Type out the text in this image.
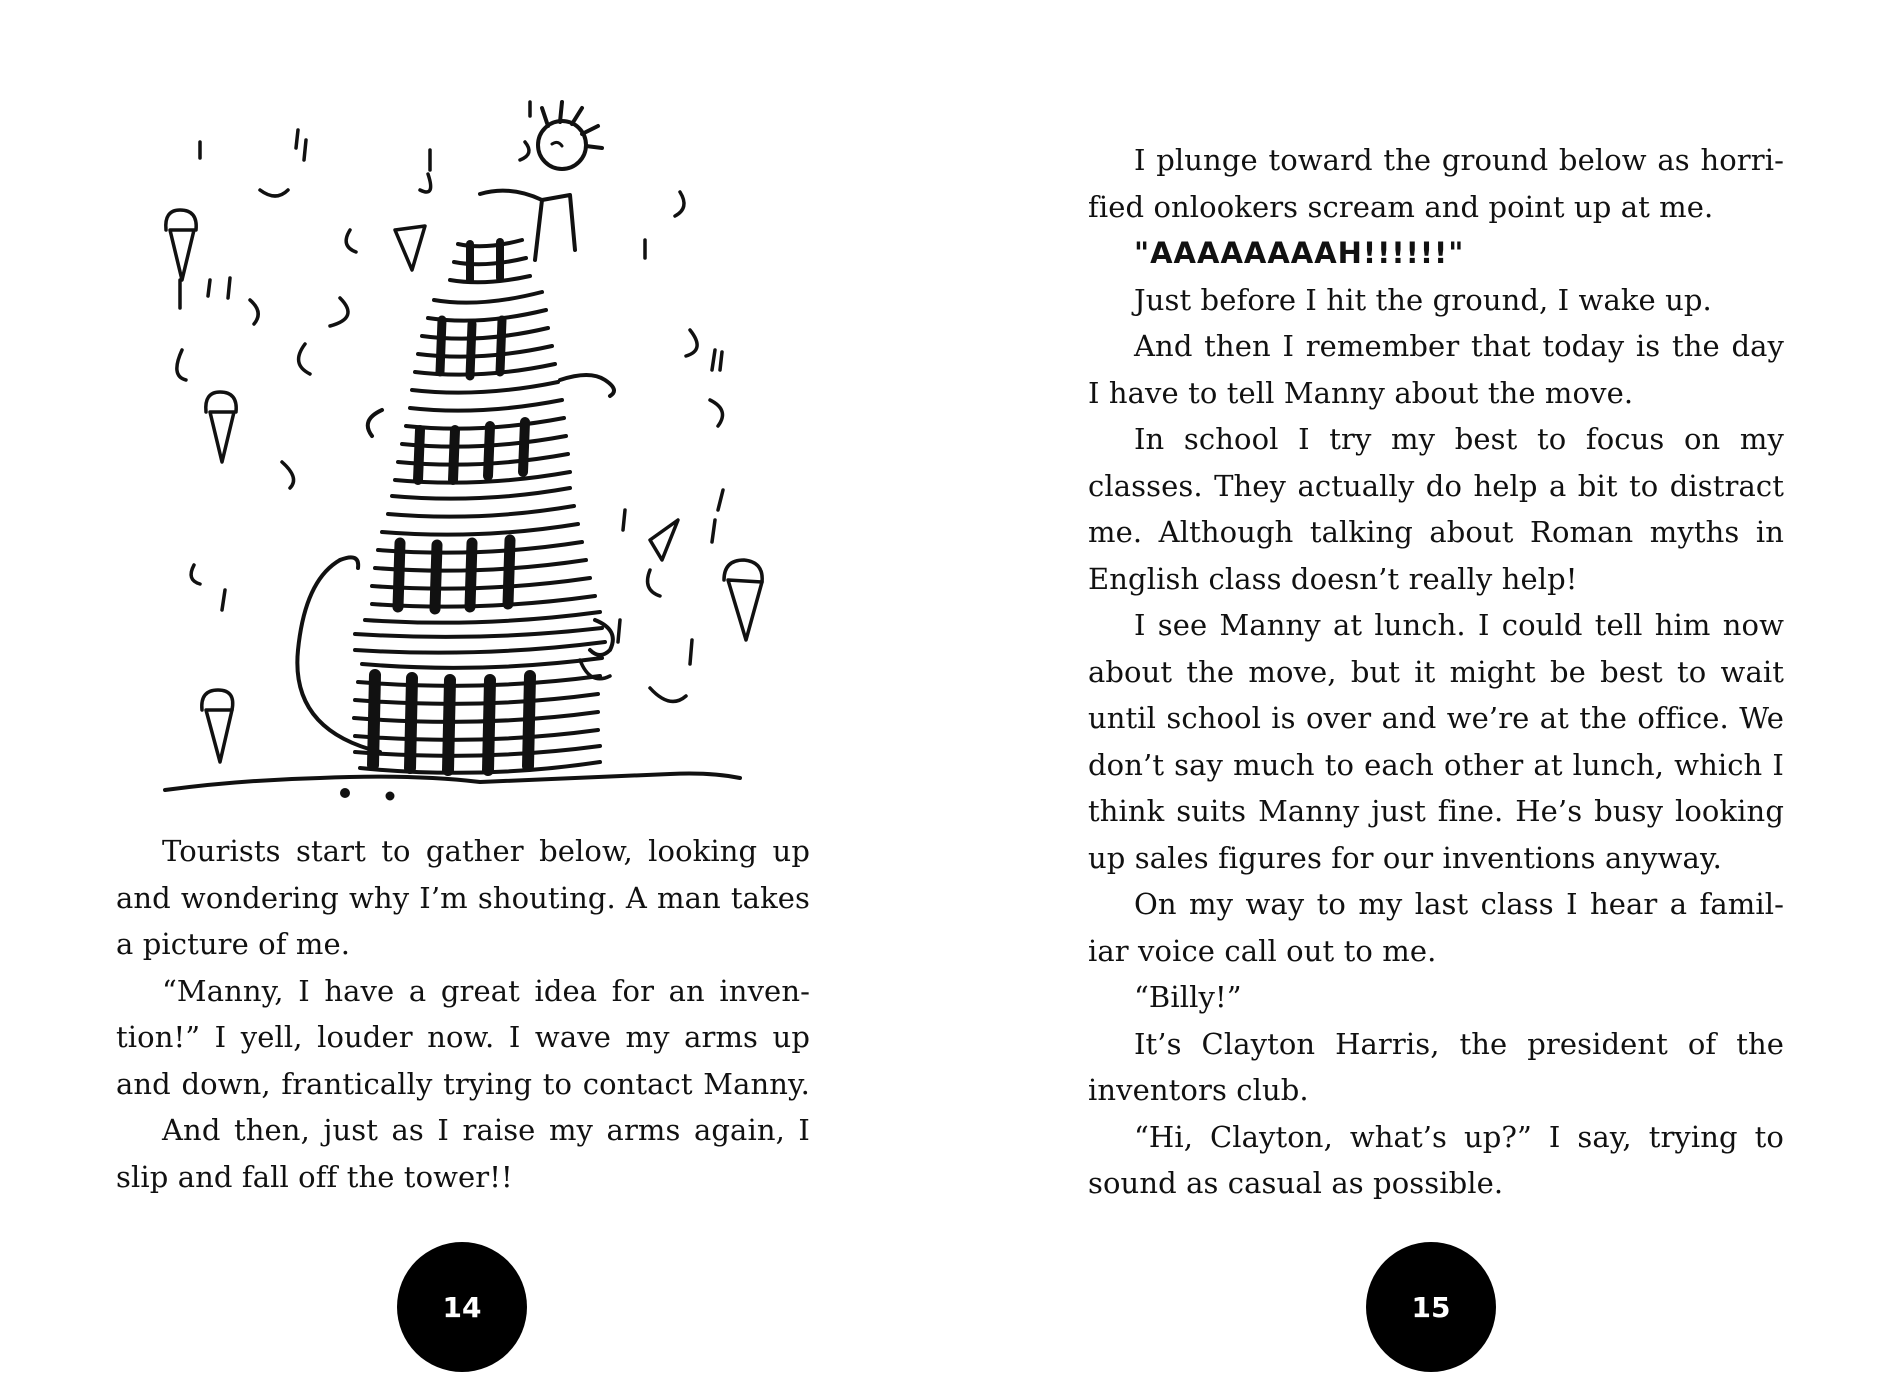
Tourists start to gather below, looking up
and wondering why I’m shouting. A man takes
a picture of me.
“Manny, I have a great idea for an inven-
tion!” I yell, louder now. I wave my arms up
and down, frantically trying to contact Manny.
And then, just as I raise my arms again, I
slip and fall off the tower!!
14
I plunge toward the ground below as horri-
fied onlookers scream and point up at me.
"AAAAAAAAH!!!!!!"
Just before I hit the ground, I wake up.
And then I remember that today is the day
I have to tell Manny about the move.
In school I try my best to focus on my
classes. They actually do help a bit to distract
me. Although talking about Roman myths in
English class doesn’t really help!
I see Manny at lunch. I could tell him now
about the move, but it might be best to wait
until school is over and we’re at the office. We
don’t say much to each other at lunch, which I
think suits Manny just fine. He’s busy looking
up sales figures for our inventions anyway.
On my way to my last class I hear a famil-
iar voice call out to me.
“Billy!”
It’s Clayton Harris, the president of the
inventors club.
“Hi, Clayton, what’s up?” I say, trying to
sound as casual as possible.
15
